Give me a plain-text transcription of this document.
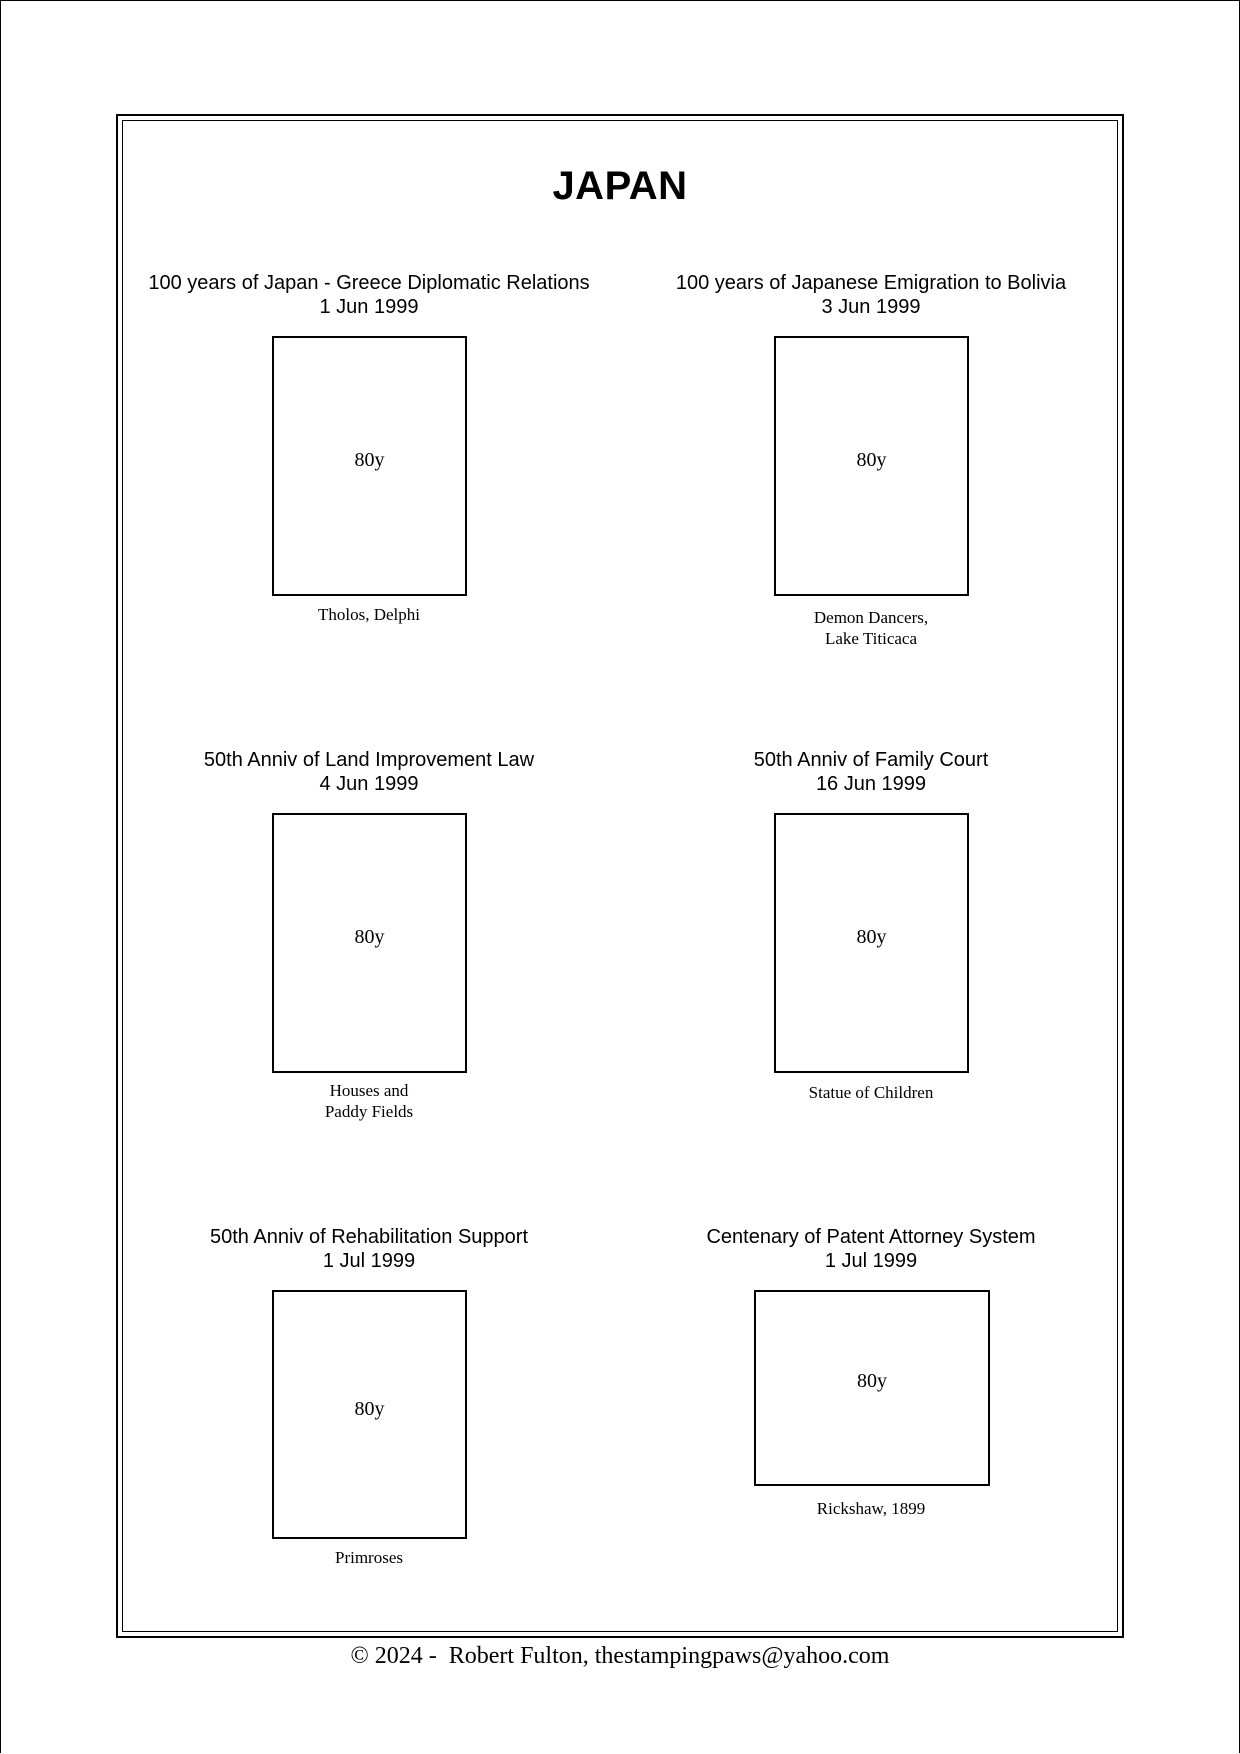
JAPAN
100 years of Japan - Greece Diplomatic Relations
1 Jun 1999
80y
Tholos, Delphi
100 years of Japanese Emigration to Bolivia
3 Jun 1999
80y
Demon Dancers,
Lake Titicaca
50th Anniv of Land Improvement Law
4 Jun 1999
80y
Houses and
Paddy Fields
50th Anniv of Family Court
16 Jun 1999
80y
Statue of Children
50th Anniv of Rehabilitation Support
1 Jul 1999
80y
Primroses
Centenary of Patent Attorney System
1 Jul 1999
80y
Rickshaw, 1899
© 2024 -  Robert Fulton, thestampingpaws@yahoo.com
